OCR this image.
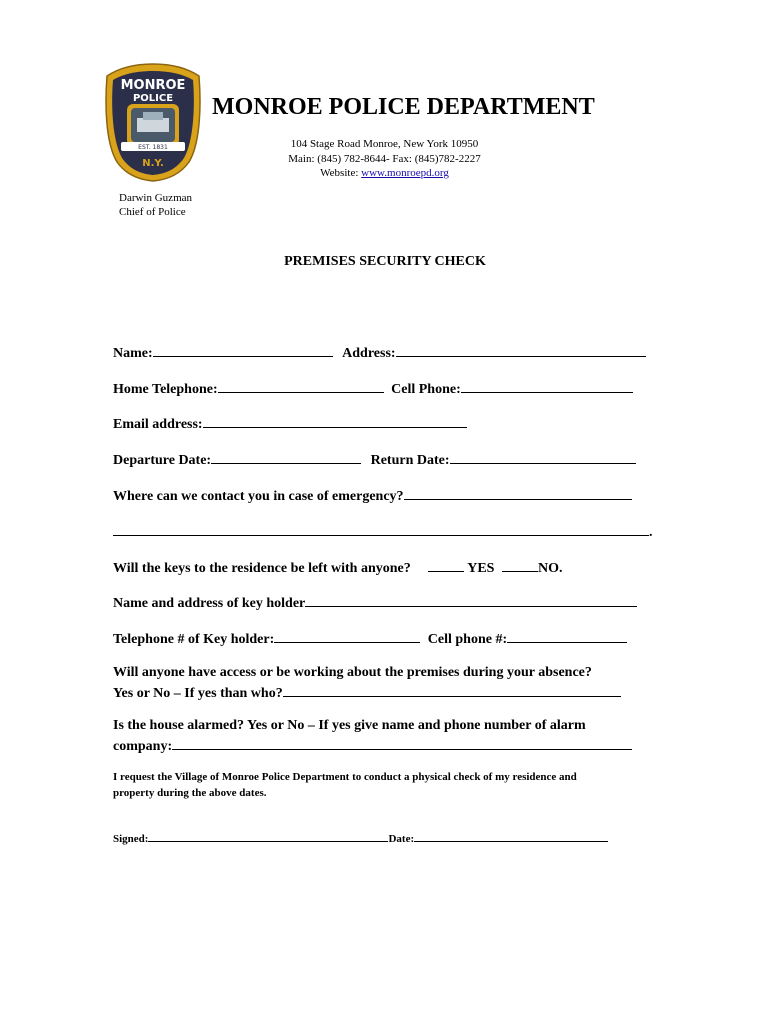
EST. 1831
MONROE
POLICE
N.Y.
MONROE POLICE DEPARTMENT
104 Stage Road Monroe, New York 10950
Main: (845) 782-8644- Fax: (845)782-2227
Website: www.monroepd.org
Darwin Guzman
Chief of Police
PREMISES SECURITY CHECK
Name:	Address:
Home Telephone:	Cell Phone:
Email address:
Departure Date:	Return Date:
Where can we contact you in case of emergency?
.
Will the keys to the residence be left with anyone?	YES	NO.
Name and address of key holder
Telephone # of Key holder:	Cell phone #:
Will anyone have access or be working about the premises during your absence?
Yes or No – If yes than who?
Is the house alarmed? Yes or No – If yes give name and phone number of alarm
company:
I request the Village of Monroe Police Department to conduct a physical check of my residence and
property during the above dates.
Signed:	Date:
